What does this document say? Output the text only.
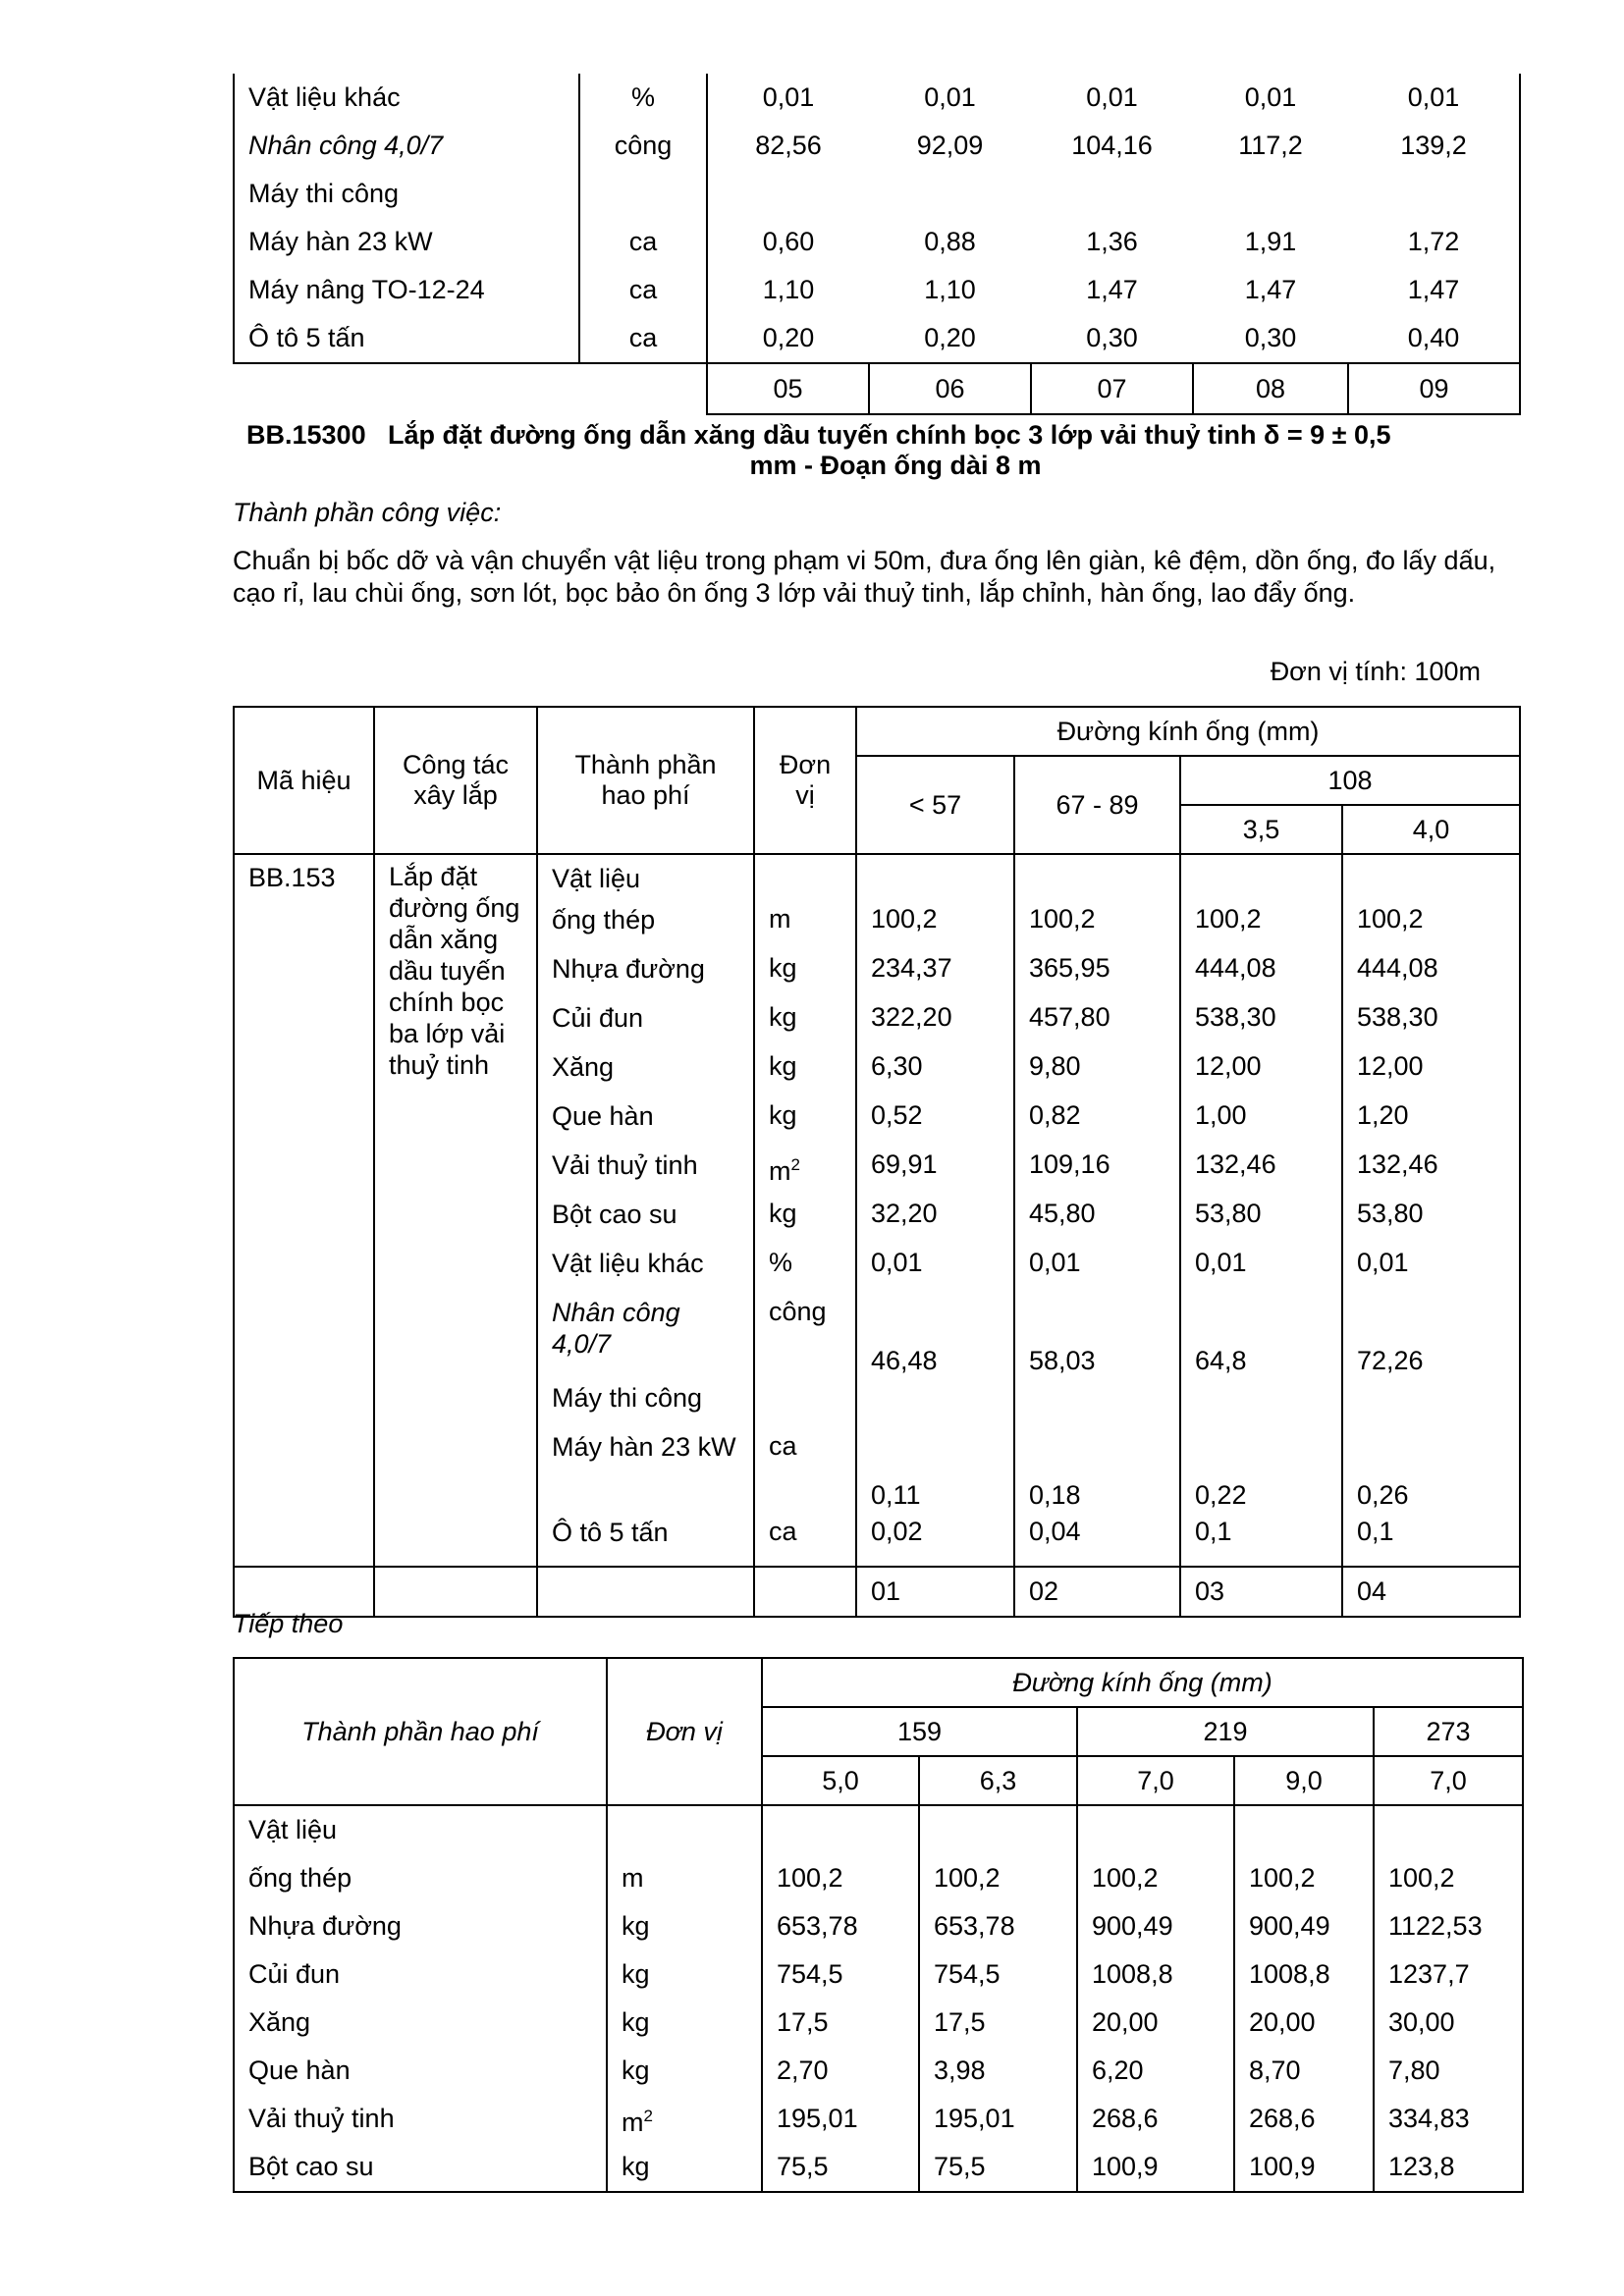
Vật liệu khác	%	0,01	0,01	0,01	0,01	0,01
Nhân công 4,0/7	công	82,56	92,09	104,16	117,2	139,2
Máy thi công						
Máy hàn 23 kW	ca	0,60	0,88	1,36	1,91	1,72
Máy nâng TO-12-24	ca	1,10	1,10	1,47	1,47	1,47
Ô tô 5 tấn	ca	0,20	0,20	0,30	0,30	0,40
		05	06	07	08	09
BB.15300 Lắp đặt đường ống dẫn xăng dầu tuyến chính bọc 3 lớp vải thuỷ tinh δ = 9 ± 0,5
mm - Đoạn ống dài 8 m
Thành phần công việc:
Chuẩn bị bốc dỡ và vận chuyển vật liệu trong phạm vi 50m, đưa ống lên giàn, kê đệm, dồn ống, đo lấy dấu, cạo rỉ, lau chùi ống, sơn lót, bọc bảo ôn ống 3 lớp vải thuỷ tinh, lắp chỉnh, hàn ống, lao đẩy ống.
Đơn vị tính: 100m
Mã hiệu	Công tác xây lắp	Thành phần hao phí	Đơn vị	Đường kính ống (mm)			
				< 57	67 - 89	108	
						3,5	4,0
BB.153	Lắp đặt đường ống dẫn xăng dầu tuyến chính bọc ba lớp vải thuỷ tinh	Vật liệu					
		ống thép	m	100,2	100,2	100,2	100,2
		Nhựa đường	kg	234,37	365,95	444,08	444,08
		Củi đun	kg	322,20	457,80	538,30	538,30
		Xăng	kg	6,30	9,80	12,00	12,00
		Que hàn	kg	0,52	0,82	1,00	1,20
		Vải thuỷ tinh	$m^2$	69,91	109,16	132,46	132,46
		Bột cao su	kg	32,20	45,80	53,80	53,80
		Vật liệu khác	%	0,01	0,01	0,01	0,01
		Nhân công 4,0/7	công	46,48	58,03	64,8	72,26
		Máy thi công					
		Máy hàn 23 kW	ca	0,11	0,18	0,22	0,26
		Ô tô 5 tấn	ca	0,02	0,04	0,1	0,1
				01	02	03	04
Tiếp theo
Thành phần hao phí	Đơn vị	Đường kính ống (mm)				
		159		219		273
		5,0	6,3	7,0	9,0	7,0
Vật liệu						
ống thép	m	100,2	100,2	100,2	100,2	100,2
Nhựa đường	kg	653,78	653,78	900,49	900,49	1122,53
Củi đun	kg	754,5	754,5	1008,8	1008,8	1237,7
Xăng	kg	17,5	17,5	20,00	20,00	30,00
Que hàn	kg	2,70	3,98	6,20	8,70	7,80
Vải thuỷ tinh	$m^2$	195,01	195,01	268,6	268,6	334,83
Bột cao su	kg	75,5	75,5	100,9	100,9	123,8
